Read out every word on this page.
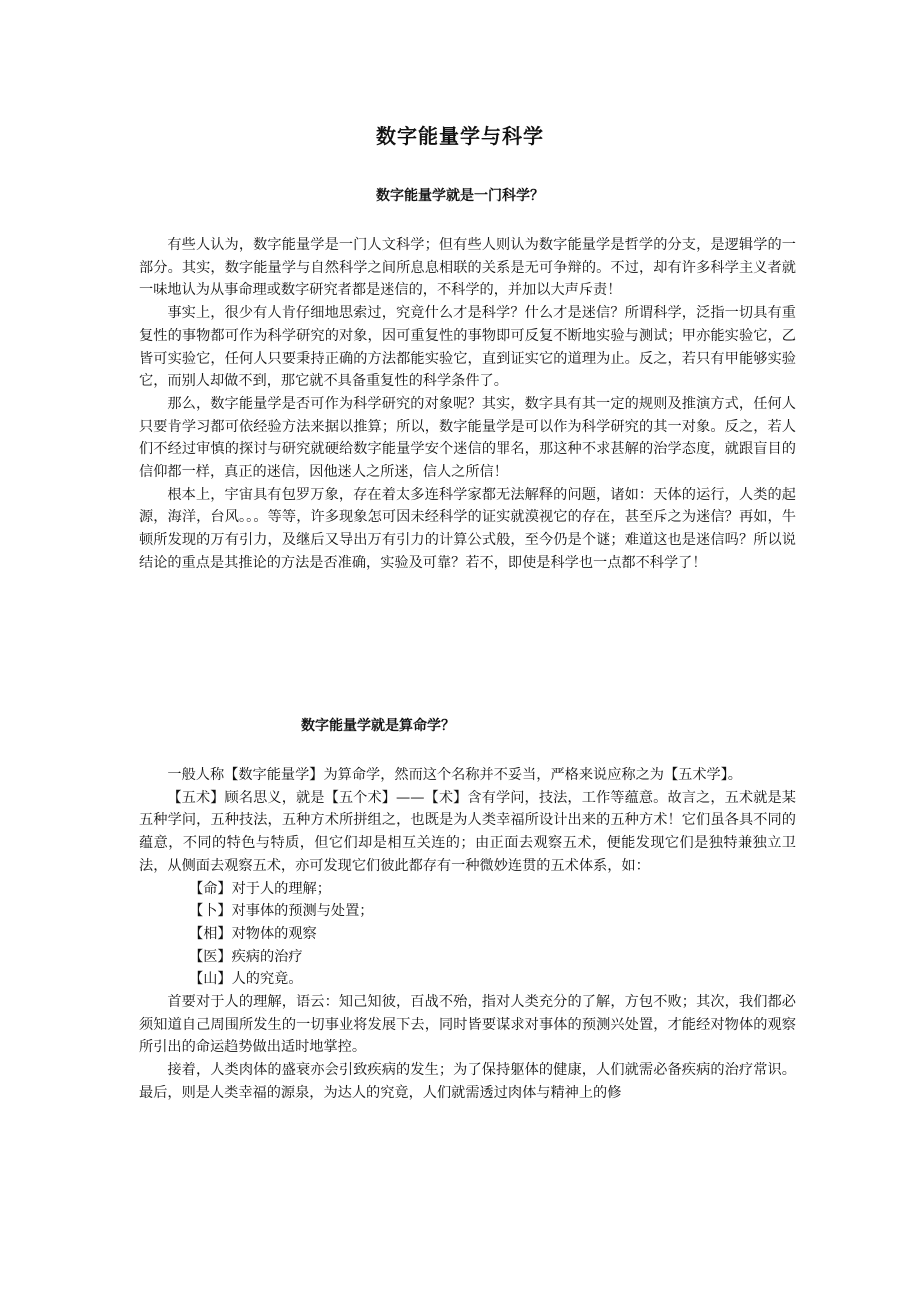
数字能量学与科学
数字能量学就是一门科学？

有些人认为，数字能量学是一门人文科学；但有些人则认为数字能量学是哲学的分支，是逻辑学的一部分。其实，数字能量学与自然科学之间所息息相联的关系是无可争辩的。不过，却有许多科学主义者就一味地认为从事命理或数字研究者都是迷信的，不科学的，并加以大声斥责！

事实上，很少有人肯仔细地思索过，究竟什么才是科学？什么才是迷信？所谓科学，泛指一切具有重复性的事物都可作为科学研究的对象，因可重复性的事物即可反复不断地实验与测试；甲亦能实验它，乙皆可实验它，任何人只要秉持正确的方法都能实验它，直到证实它的道理为止。反之，若只有甲能够实验它，而别人却做不到，那它就不具备重复性的科学条件了。

那么，数字能量学是否可作为科学研究的对象呢？其实，数字具有其一定的规则及推演方式，任何人只要肯学习都可依经验方法来据以推算；所以，数字能量学是可以作为科学研究的其一对象。反之，若人们不经过审慎的探讨与研究就硬给数字能量学安个迷信的罪名，那这种不求甚解的治学态度，就跟盲目的信仰都一样，真正的迷信，因他迷人之所迷，信人之所信！

根本上，宇宙具有包罗万象，存在着太多连科学家都无法解释的问题，诸如：天体的运行，人类的起源，海洋，台风。。。等等，许多现象怎可因未经科学的证实就漠视它的存在，甚至斥之为迷信？再如，牛顿所发现的万有引力，及继后又导出万有引力的计算公式般，至今仍是个谜；难道这也是迷信吗？所以说结论的重点是其推论的方法是否准确，实验及可靠？若不，即使是科学也一点都不科学了！

数字能量学就是算命学？

一般人称【数字能量学】为算命学，然而这个名称并不妥当，严格来说应称之为【五术学】。

【五术】顾名思义，就是【五个术】——【术】含有学问，技法，工作等蕴意。故言之，五术就是某五种学问，五种技法，五种方术所拼组之，也既是为人类幸福所设计出来的五种方术！它们虽各具不同的蕴意，不同的特色与特质，但它们却是相互关连的；由正面去观察五术，便能发现它们是独特兼独立卫法，从侧面去观察五术，亦可发现它们彼此都存有一种微妙连贯的五术体系，如：

【命】对于人的理解；

【卜】对事体的预测与处置；

【相】对物体的观察

【医】疾病的治疗

【山】人的究竟。

首要对于人的理解，语云：知己知彼，百战不殆，指对人类充分的了解，方包不败；其次，我们都必须知道自己周围所发生的一切事业将发展下去，同时皆要谋求对事体的预测兴处置，才能经对物体的观察所引出的命运趋势做出适时地掌控。

接着，人类肉体的盛衰亦会引致疾病的发生；为了保持躯体的健康，人们就需必备疾病的治疗常识。最后，则是人类幸福的源泉，为达人的究竟，人们就需透过肉体与精神上的修
